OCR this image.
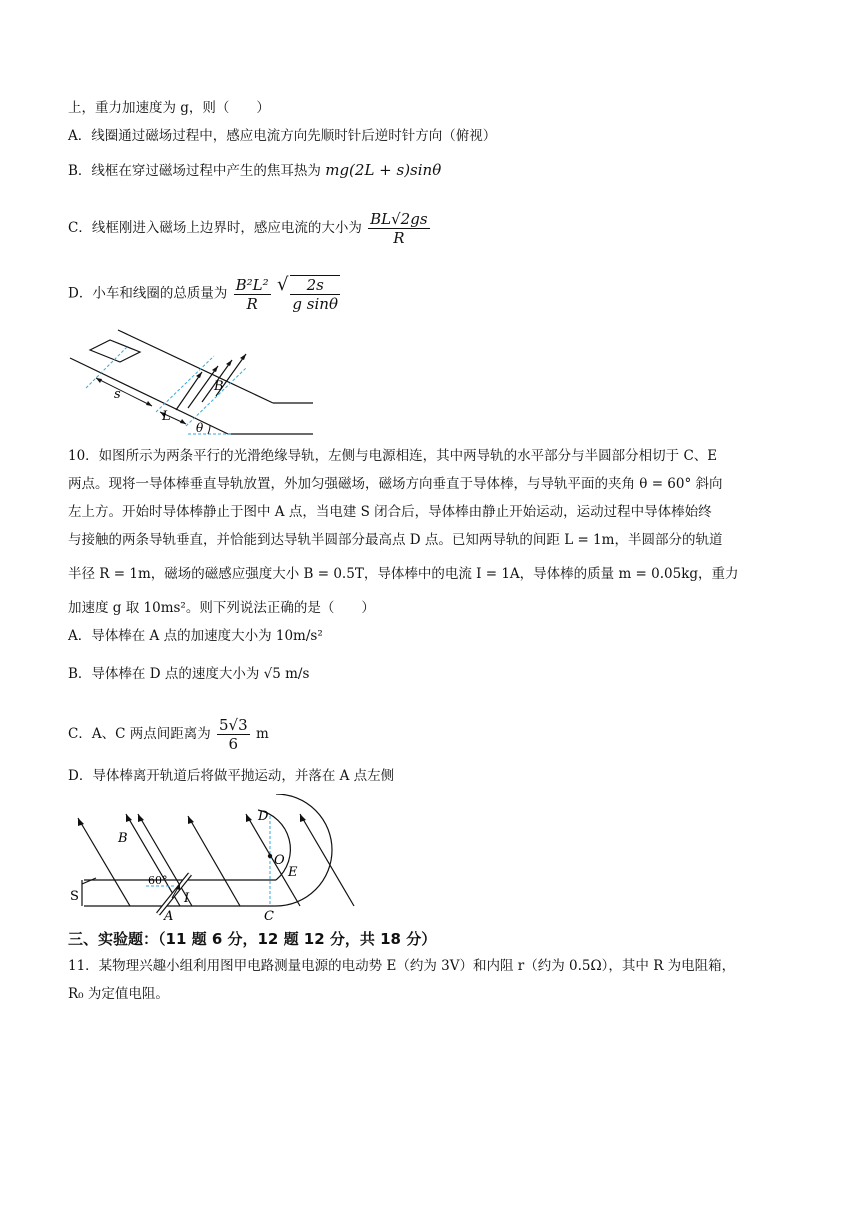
上，重力加速度为 g，则（　　）
A．线圈通过磁场过程中，感应电流方向先顺时针后逆时针方向（俯视）
B．线框在穿过磁场过程中产生的焦耳热为 mg(2L + s)sinθ
C．线框刚进入磁场上边界时，感应电流的大小为 $\frac{BL√2gs}{R}$
D．小车和线圈的总质量为 $\frac{\text{B²L²}}{R}$ √ $\frac{2s}{\text{g sinθ}}$
s
L
B
θ
10．如图所示为两条平行的光滑绝缘导轨，左侧与电源相连，其中两导轨的水平部分与半圆部分相切于 C、E
两点。现将一导体棒垂直导轨放置，外加匀强磁场，磁场方向垂直于导体棒，与导轨平面的夹角 θ = 60° 斜向
左上方。开始时导体棒静止于图中 A 点，当电建 S 闭合后，导体棒由静止开始运动，运动过程中导体棒始终
与接触的两条导轨垂直，并恰能到达导轨半圆部分最高点 D 点。已知两导轨的间距 L = 1m，半圆部分的轨道
半径 R = 1m，磁场的磁感应强度大小 B = 0.5T，导体棒中的电流 I = 1A，导体棒的质量 m = 0.05kg，重力
加速度 g 取 10ms²。则下列说法正确的是（　　）
A．导体棒在 A 点的加速度大小为 10m/s²
B．导体棒在 D 点的速度大小为 √5 m/s
C．A、C 两点间距离为 $\frac{5√3}{6}$ m
D．导体棒离开轨道后将做平抛运动，并落在 A 点左侧
D
B
O
E
S
60°
I
A	C
三、实验题：（11 题 6 分，12 题 12 分，共 18 分）
11．某物理兴趣小组利用图甲电路测量电源的电动势 E（约为 3V）和内阻 r（约为 0.5Ω），其中 R 为电阻箱，
R₀ 为定值电阻。
